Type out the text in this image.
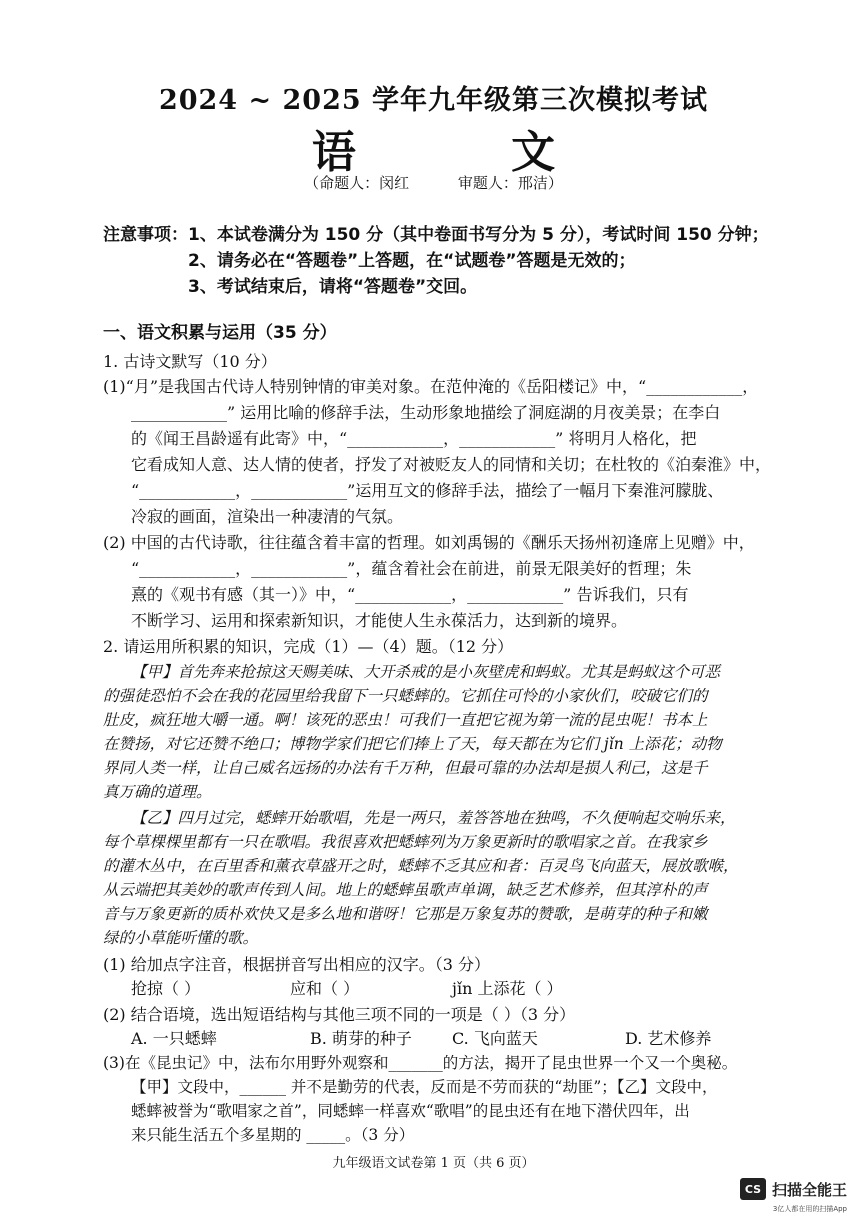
2024 ~ 2025 学年九年级第三次模拟考试
语 文
（命题人：闵红	审题人：邢洁）
注意事项：1、本试卷满分为 150 分（其中卷面书写分为 5 分），考试时间 150 分钟；
2、请务必在“答题卷”上答题，在“试题卷”答题是无效的；
3、考试结束后，请将“答题卷”交回。
一、语文积累与运用（35 分）
1. 古诗文默写（10 分）
(1)“月”是我国古代诗人特别钟情的审美对象。在范仲淹的《岳阳楼记》中，“____________，
____________” 运用比喻的修辞手法，生动形象地描绘了洞庭湖的月夜美景；在李白
的《闻王昌龄遥有此寄》中，“____________，____________” 将明月人格化，把
它看成知人意、达人情的使者，抒发了对被贬友人的同情和关切；在杜牧的《泊秦淮》中，
“____________，____________”运用互文的修辞手法，描绘了一幅月下秦淮河朦胧、
冷寂的画面，渲染出一种凄清的气氛。
(2) 中国的古代诗歌，往往蕴含着丰富的哲理。如刘禹锡的《酬乐天扬州初逢席上见赠》中，
“____________，____________”，蕴含着社会在前进，前景无限美好的哲理；朱
熹的《观书有感（其一）》中，“____________，____________” 告诉我们，只有
不断学习、运用和探索新知识，才能使人生永葆活力，达到新的境界。
2. 请运用所积累的知识，完成（1）—（4）题。（12 分）
【甲】首先奔来抢掠这天赐美味、大开杀戒的是小灰壁虎和蚂蚁。尤其是蚂蚁这个可恶
的强徒恐怕不会在我的花园里给我留下一只蟋蟀的。它抓住可怜的小家伙们，咬破它们的
肚皮，疯狂地大嚼一通。啊！该死的恶虫！可我们一直把它视为第一流的昆虫呢！书本上
在赞扬，对它还赞不绝口；博物学家们把它们捧上了天，每天都在为它们 jǐn 上添花；动物
界同人类一样，让自己威名远扬的办法有千万种，但最可靠的办法却是损人利己，这是千
真万确的道理。
【乙】四月过完，蟋蟀开始歌唱，先是一两只，羞答答地在独鸣，不久便响起交响乐来，
每个草棵棵里都有一只在歌唱。我很喜欢把蟋蟀列为万象更新时的歌唱家之首。在我家乡
的灌木丛中，在百里香和薰衣草盛开之时，蟋蟀不乏其应和者：百灵鸟飞向蓝天，展放歌喉，
从云端把其美妙的歌声传到人间。地上的蟋蟀虽歌声单调，缺乏艺术修养，但其淳朴的声
音与万象更新的质朴欢快又是多么地和谐呀！它那是万象复苏的赞歌，是萌芽的种子和嫩
绿的小草能听懂的歌。
(1) 给加点字注音，根据拼音写出相应的汉字。（3 分）
抢掠（ ）	应和（ ）	jǐn 上添花（ ）
(2) 结合语境，选出短语结构与其他三项不同的一项是（ ）（3 分）
A. 一只蟋蟀	B. 萌芽的种子	C. 飞向蓝天	D. 艺术修养
(3)在《昆虫记》中，法布尔用野外观察和_______的方法，揭开了昆虫世界一个又一个奥秘。
【甲】文段中，______ 并不是勤劳的代表，反而是不劳而获的“劫匪”；【乙】文段中，
九年级语文试卷第 1 页（共 6 页）
CS 扫描全能王
3亿人都在用的扫描App
蟋蟀被誉为“歌唱家之首”，同蟋蟀一样喜欢“歌唱”的昆虫还有在地下潜伏四年，出
来只能生活五个多星期的 _____。（3 分）
